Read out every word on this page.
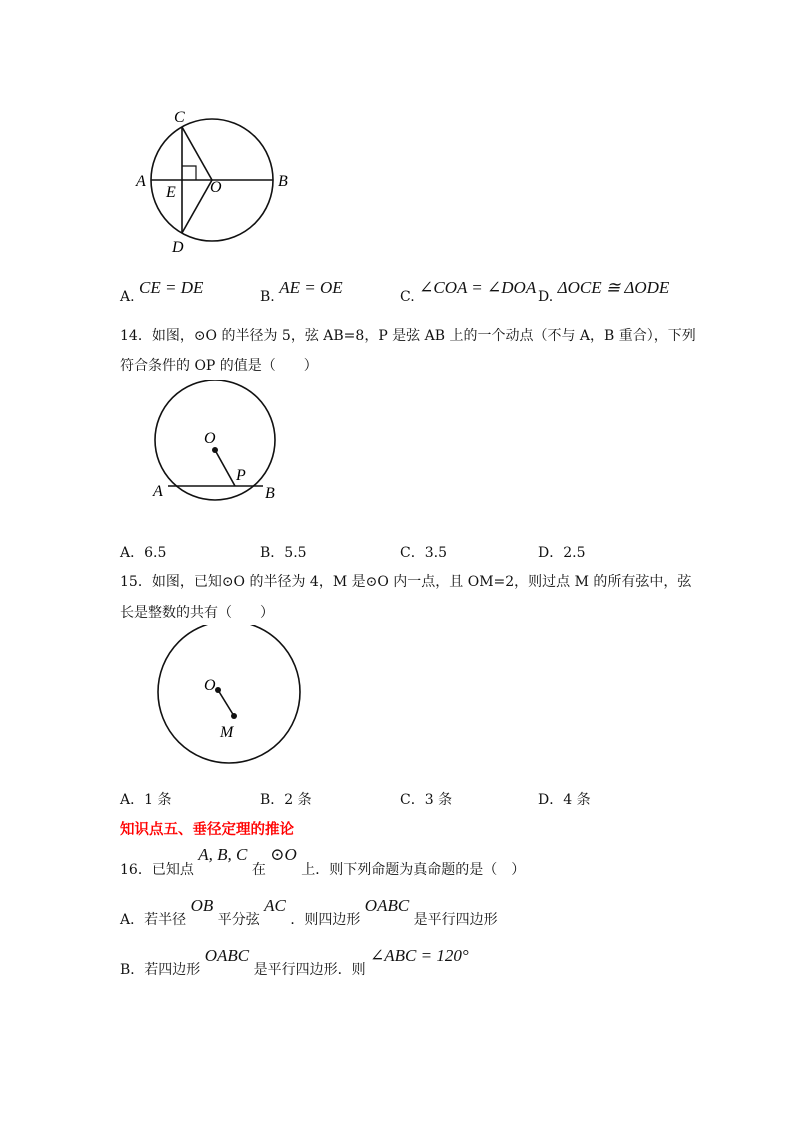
C
A
E O	B
D
A. CE = DE	B. AE = OE	C. ∠COA = ∠DOA D. ΔOCE ≅ ΔODE
14．如图，⊙O 的半径为 5，弦 AB=8，P 是弦 AB 上的一个动点（不与 A，B 重合），下列
符合条件的 OP 的值是（　　）
O
P
A	B
A．6.5	B．5.5	C．3.5	D．2.5
15．如图，已知⊙O 的半径为 4，M 是⊙O 内一点，且 OM=2，则过点 M 的所有弦中，弦
长是整数的共有（　　）
O
M
A．1 条	B．2 条	C．3 条	D．4 条
知识点五、垂径定理的推论
16．已知点 A, B, C 在 ⊙O 上．则下列命题为真命题的是（　）
A．若半径 OB 平分弦 AC ．则四边形 OABC 是平行四边形
B．若四边形 OABC 是平行四边形．则 ∠ABC = 120°
